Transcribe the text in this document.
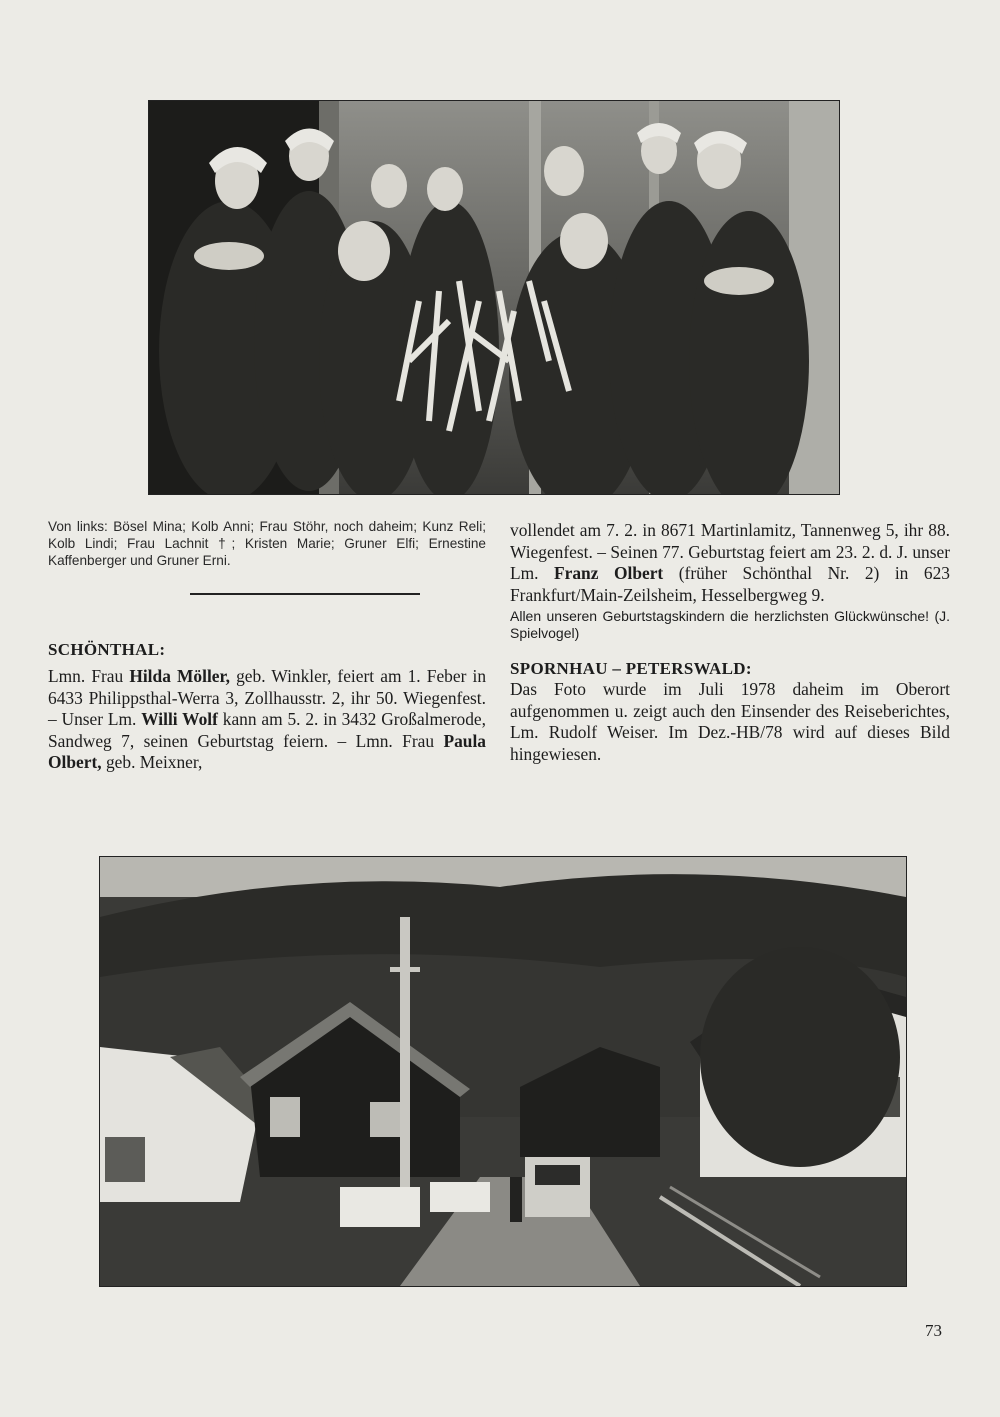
Von links: Bösel Mina; Kolb Anni; Frau Stöhr, noch daheim; Kunz Reli; Kolb Lindi; Frau Lachnit †; Kristen Marie; Gruner Elfi; Ernestine Kaffenberger und Gruner Erni.

SCHÖNTHAL:

Lmn. Frau Hilda Möller, geb. Winkler, feiert am 1. Feber in 6433 Philippsthal-Werra 3, Zollhausstr. 2, ihr 50. Wiegenfest. – Unser Lm. Willi Wolf kann am 5. 2. in 3432 Großalmerode, Sandweg 7, seinen Geburtstag feiern. – Lmn. Frau Paula Olbert, geb. Meixner,

vollendet am 7. 2. in 8671 Martinlamitz, Tannenweg 5, ihr 88. Wiegenfest. – Seinen 77. Geburtstag feiert am 23. 2. d. J. unser Lm. Franz Olbert (früher Schönthal Nr. 2) in 623 Frankfurt/Main-Zeilsheim, Hesselbergweg 9.

Allen unseren Geburtstagskindern die herzlichsten Glückwünsche! (J. Spielvogel)

SPORNHAU – PETERSWALD:

Das Foto wurde im Juli 1978 daheim im Oberort aufgenommen u. zeigt auch den Einsender des Reiseberichtes, Lm. Rudolf Weiser. Im Dez.-HB/78 wird auf dieses Bild hingewiesen.

73
